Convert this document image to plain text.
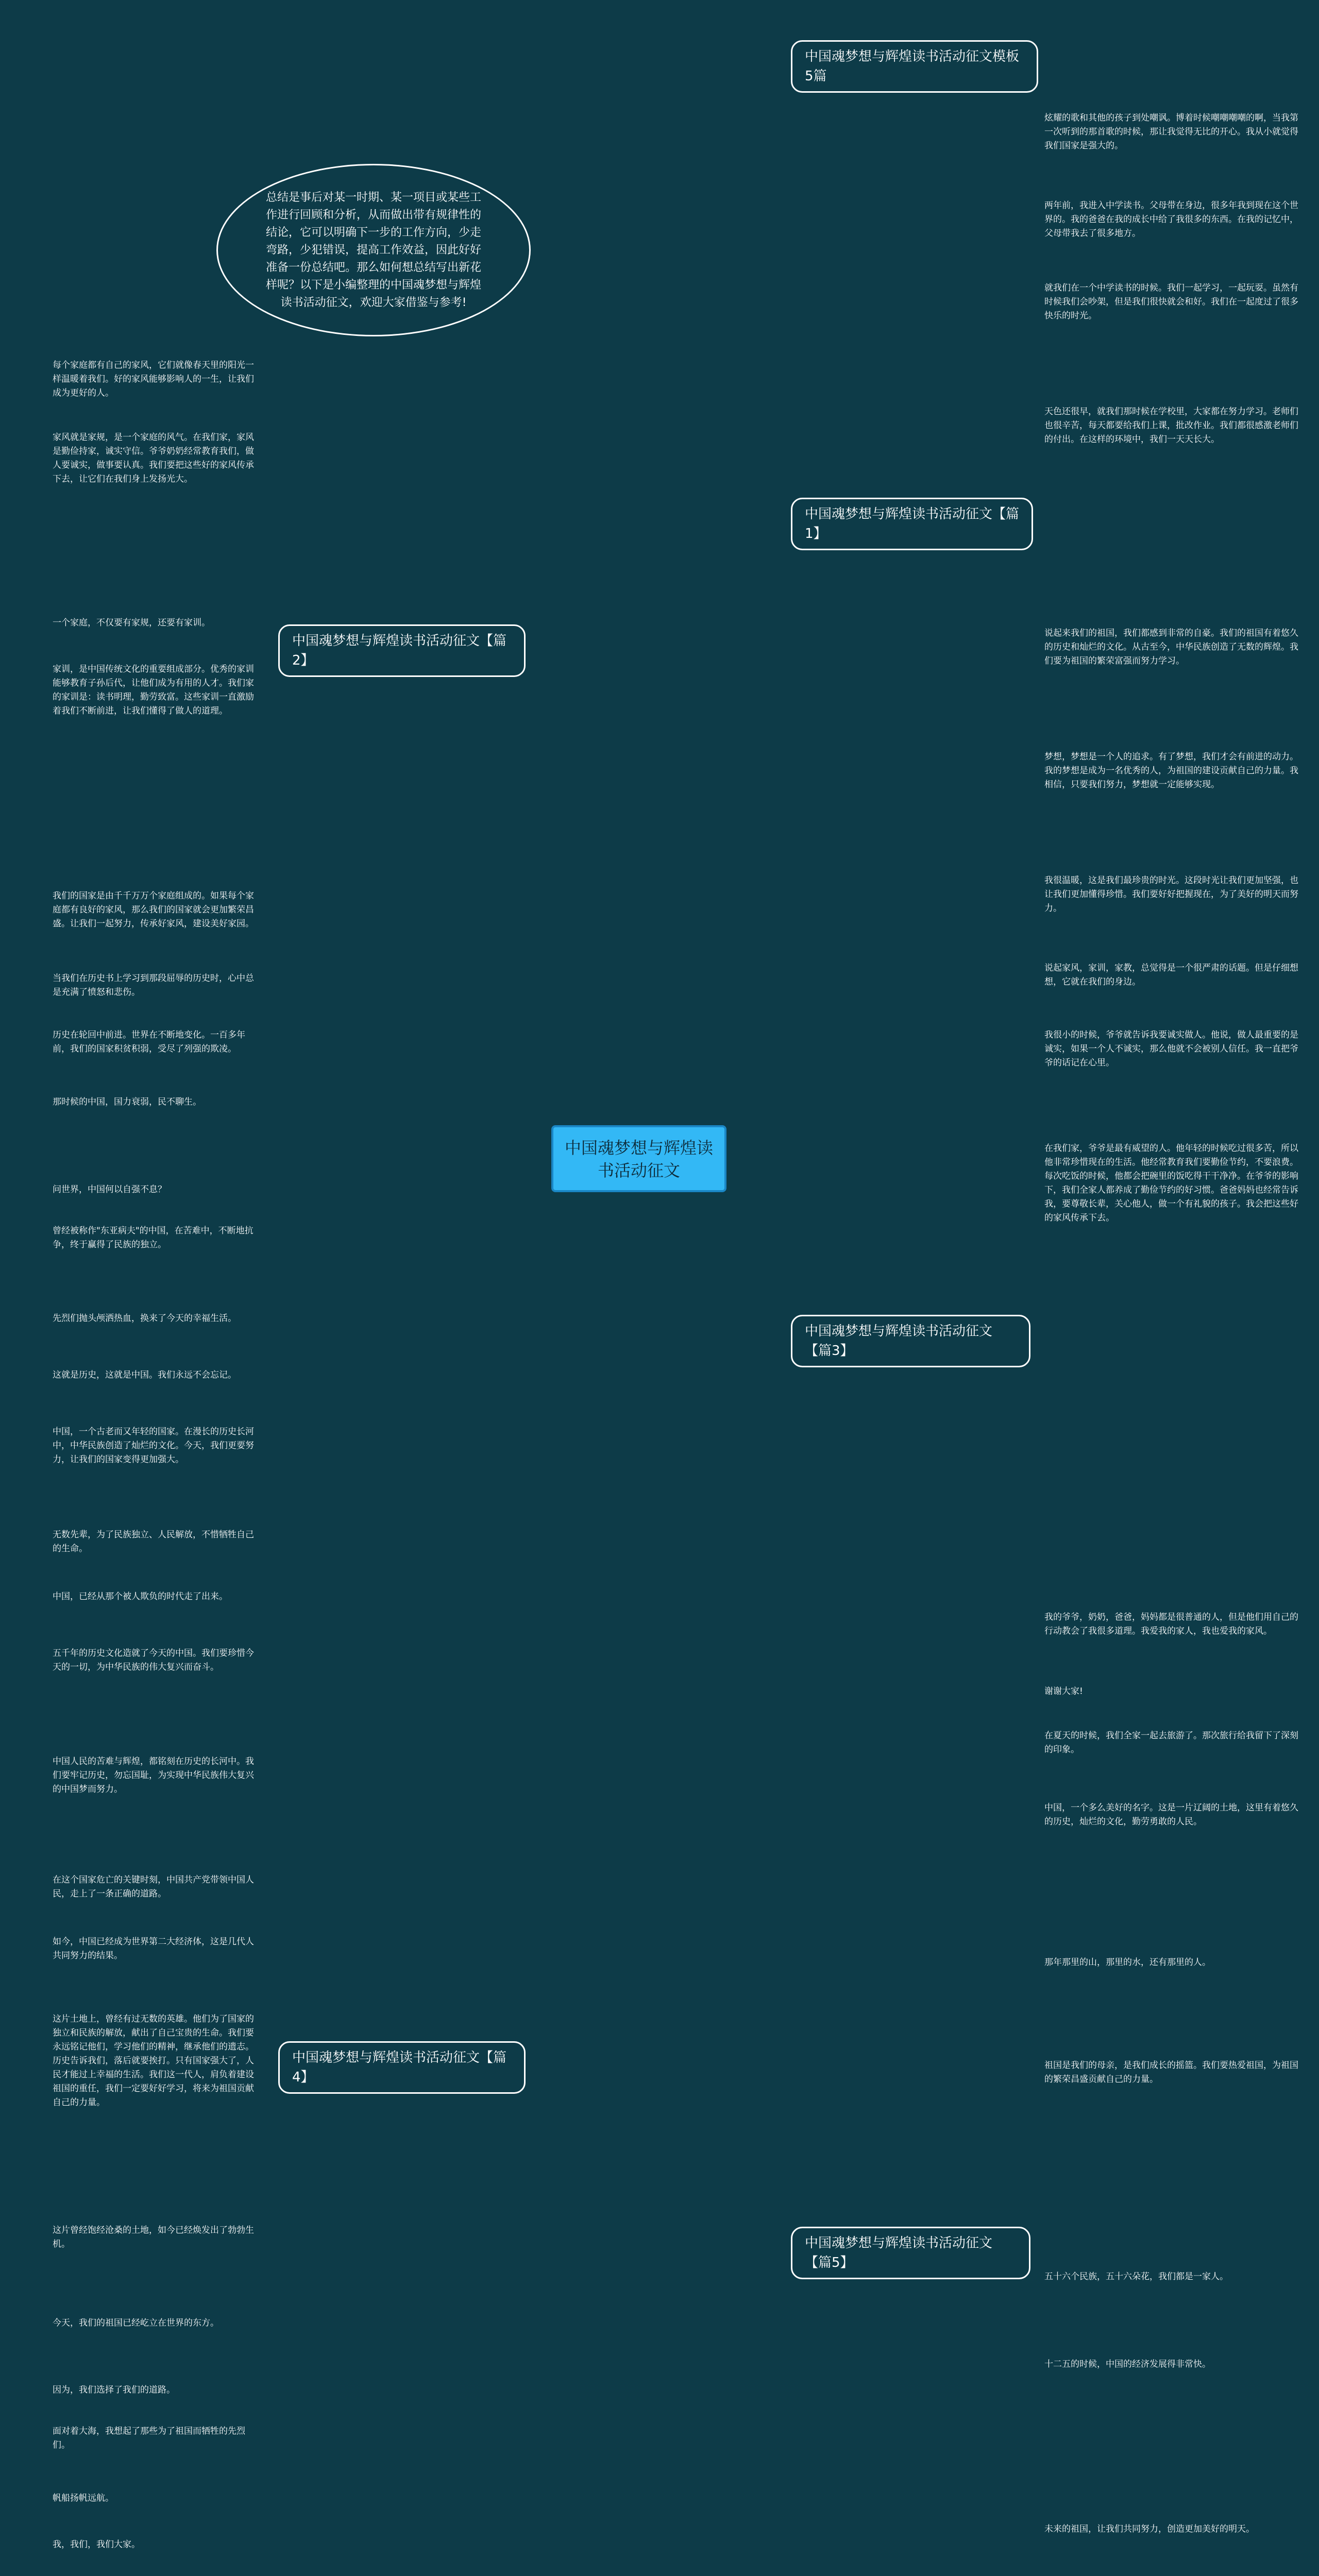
总结是事后对某一时期、某一项目或某些工作进行回顾和分析，从而做出带有规律性的结论，它可以明确下一步的工作方向，少走弯路，少犯错误，提高工作效益，因此好好准备一份总结吧。那么如何想总结写出新花样呢？以下是小编整理的中国魂梦想与辉煌读书活动征文，欢迎大家借鉴与参考!
中国魂梦想与辉煌读书活动征文
中国魂梦想与辉煌读书活动征文模板5篇
中国魂梦想与辉煌读书活动征文【篇1】
炫耀的歌和其他的孩子到处嘲讽。博着时候嘲嘲嘲嘲的啊，当我第一次听到的那首歌的时候，那让我觉得无比的开心。我从小就觉得我们国家是强大的。
两年前，我进入中学读书。父母带在身边，很多年我到现在这个世界的。我的爸爸在我的成长中给了我很多的东西。在我的记忆中，父母带我去了很多地方。
就我们在一个中学读书的时候。我们一起学习，一起玩耍。虽然有时候我们会吵架，但是我们很快就会和好。我们在一起度过了很多快乐的时光。
天色还很早，就我们那时候在学校里，大家都在努力学习。老师们也很辛苦，每天都要给我们上课，批改作业。我们都很感激老师们的付出。在这样的环境中，我们一天天长大。
说起来我们的祖国，我们都感到非常的自豪。我们的祖国有着悠久的历史和灿烂的文化。从古至今，中华民族创造了无数的辉煌。我们要为祖国的繁荣富强而努力学习。
梦想，梦想是一个人的追求。有了梦想，我们才会有前进的动力。我的梦想是成为一名优秀的人，为祖国的建设贡献自己的力量。我相信，只要我们努力，梦想就一定能够实现。
我很温暖，这是我们最珍贵的时光。这段时光让我们更加坚强，也让我们更加懂得珍惜。我们要好好把握现在，为了美好的明天而努力。
中国魂梦想与辉煌读书活动征文【篇2】
每个家庭都有自己的家风，它们就像春天里的阳光一样温暖着我们。好的家风能够影响人的一生，让我们成为更好的人。
家风就是家规，是一个家庭的风气。在我们家，家风是勤俭持家，诚实守信。爷爷奶奶经常教育我们，做人要诚实，做事要认真。我们要把这些好的家风传承下去，让它们在我们身上发扬光大。
一个家庭，不仅要有家规，还要有家训。
家训，是中国传统文化的重要组成部分。优秀的家训能够教育子孙后代，让他们成为有用的人才。我们家的家训是：读书明理，勤劳致富。这些家训一直激励着我们不断前进，让我们懂得了做人的道理。
我们的国家是由千千万万个家庭组成的。如果每个家庭都有良好的家风，那么我们的国家就会更加繁荣昌盛。让我们一起努力，传承好家风，建设美好家园。
中国魂梦想与辉煌读书活动征文【篇3】
说起家风，家训，家教，总觉得是一个很严肃的话题。但是仔细想想，它就在我们的身边。
我很小的时候，爷爷就告诉我要诚实做人。他说，做人最重要的是诚实，如果一个人不诚实，那么他就不会被别人信任。我一直把爷爷的话记在心里。
在我们家，爷爷是最有威望的人。他年轻的时候吃过很多苦，所以他非常珍惜现在的生活。他经常教育我们要勤俭节约，不要浪费。每次吃饭的时候，他都会把碗里的饭吃得干干净净。在爷爷的影响下，我们全家人都养成了勤俭节约的好习惯。爸爸妈妈也经常告诉我，要尊敬长辈，关心他人，做一个有礼貌的孩子。我会把这些好的家风传承下去。
我的爷爷，奶奶，爸爸，妈妈都是很普通的人，但是他们用自己的行动教会了我很多道理。我爱我的家人，我也爱我的家风。
谢谢大家!
中国魂梦想与辉煌读书活动征文【篇4】
中国魂梦想与辉煌读书活动征文【篇5】
在夏天的时候，我们全家一起去旅游了。那次旅行给我留下了深刻的印象。
中国，一个多么美好的名字。这是一片辽阔的土地，这里有着悠久的历史，灿烂的文化，勤劳勇敢的人民。
那年那里的山，那里的水，还有那里的人。
祖国是我们的母亲，是我们成长的摇篮。我们要热爱祖国，为祖国的繁荣昌盛贡献自己的力量。
五十六个民族，五十六朵花，我们都是一家人。
十二五的时候，中国的经济发展得非常快。
未来的祖国，让我们共同努力，创造更加美好的明天。
当我们在历史书上学习到那段屈辱的历史时，心中总是充满了愤怒和悲伤。
历史在轮回中前进。世界在不断地变化。一百多年前，我们的国家积贫积弱，受尽了列强的欺凌。
那时候的中国，国力衰弱，民不聊生。
问世界，中国何以自强不息？
曾经被称作"东亚病夫"的中国，在苦难中，不断地抗争，终于赢得了民族的独立。
先烈们抛头颅洒热血，换来了今天的幸福生活。
这就是历史，这就是中国。我们永远不会忘记。
中国，一个古老而又年轻的国家。在漫长的历史长河中，中华民族创造了灿烂的文化。今天，我们更要努力，让我们的国家变得更加强大。
无数先辈，为了民族独立、人民解放，不惜牺牲自己的生命。
中国，已经从那个被人欺负的时代走了出来。
五千年的历史文化造就了今天的中国。我们要珍惜今天的一切，为中华民族的伟大复兴而奋斗。
中国人民的苦难与辉煌，都铭刻在历史的长河中。我们要牢记历史，勿忘国耻，为实现中华民族伟大复兴的中国梦而努力。
在这个国家危亡的关键时刻，中国共产党带领中国人民，走上了一条正确的道路。
如今，中国已经成为世界第二大经济体，这是几代人共同努力的结果。
这片土地上，曾经有过无数的英雄。他们为了国家的独立和民族的解放，献出了自己宝贵的生命。我们要永远铭记他们，学习他们的精神，继承他们的遗志。历史告诉我们，落后就要挨打。只有国家强大了，人民才能过上幸福的生活。我们这一代人，肩负着建设祖国的重任，我们一定要好好学习，将来为祖国贡献自己的力量。
这片曾经饱经沧桑的土地，如今已经焕发出了勃勃生机。
今天，我们的祖国已经屹立在世界的东方。
因为，我们选择了我们的道路。
面对着大海，我想起了那些为了祖国而牺牲的先烈们。
帆船扬帆远航。
我，我们，我们大家。
